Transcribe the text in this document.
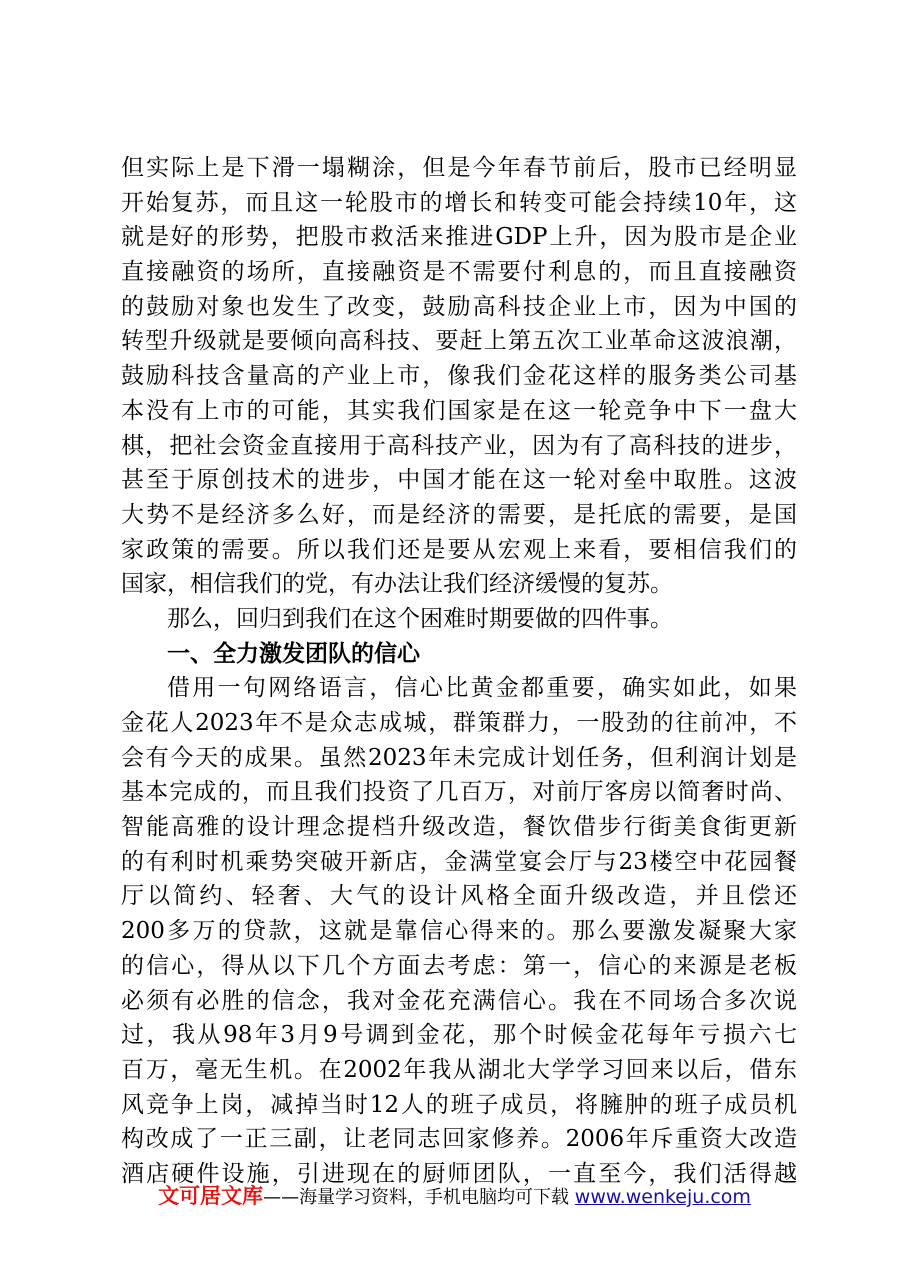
但实际上是下滑一塌糊涂，但是今年春节前后，股市已经明显
开始复苏，而且这一轮股市的增长和转变可能会持续10年，这
就是好的形势，把股市救活来推进GDP上升，因为股市是企业
直接融资的场所，直接融资是不需要付利息的，而且直接融资
的鼓励对象也发生了改变，鼓励高科技企业上市，因为中国的
转型升级就是要倾向高科技、要赶上第五次工业革命这波浪潮，
鼓励科技含量高的产业上市，像我们金花这样的服务类公司基
本没有上市的可能，其实我们国家是在这一轮竞争中下一盘大
棋，把社会资金直接用于高科技产业，因为有了高科技的进步，
甚至于原创技术的进步，中国才能在这一轮对垒中取胜。这波
大势不是经济多么好，而是经济的需要，是托底的需要，是国
家政策的需要。所以我们还是要从宏观上来看，要相信我们的
国家，相信我们的党，有办法让我们经济缓慢的复苏。
那么，回归到我们在这个困难时期要做的四件事。
一、全力激发团队的信心
借用一句网络语言，信心比黄金都重要，确实如此，如果
金花人2023年不是众志成城，群策群力，一股劲的往前冲，不
会有今天的成果。虽然2023年未完成计划任务，但利润计划是
基本完成的，而且我们投资了几百万，对前厅客房以简奢时尚、
智能高雅的设计理念提档升级改造，餐饮借步行街美食街更新
的有利时机乘势突破开新店，金满堂宴会厅与23楼空中花园餐
厅以简约、轻奢、大气的设计风格全面升级改造，并且偿还
200多万的贷款，这就是靠信心得来的。那么要激发凝聚大家
的信心，得从以下几个方面去考虑：第一，信心的来源是老板
必须有必胜的信念，我对金花充满信心。我在不同场合多次说
过，我从98年3月9号调到金花，那个时候金花每年亏损六七
百万，毫无生机。在2002年我从湖北大学学习回来以后，借东
风竞争上岗，减掉当时12人的班子成员，将臃肿的班子成员机
构改成了一正三副，让老同志回家修养。2006年斥重资大改造
酒店硬件设施，引进现在的厨师团队，一直至今，我们活得越
文可居文库——海量学习资料，手机电脑均可下载 www.wenkeju.com
